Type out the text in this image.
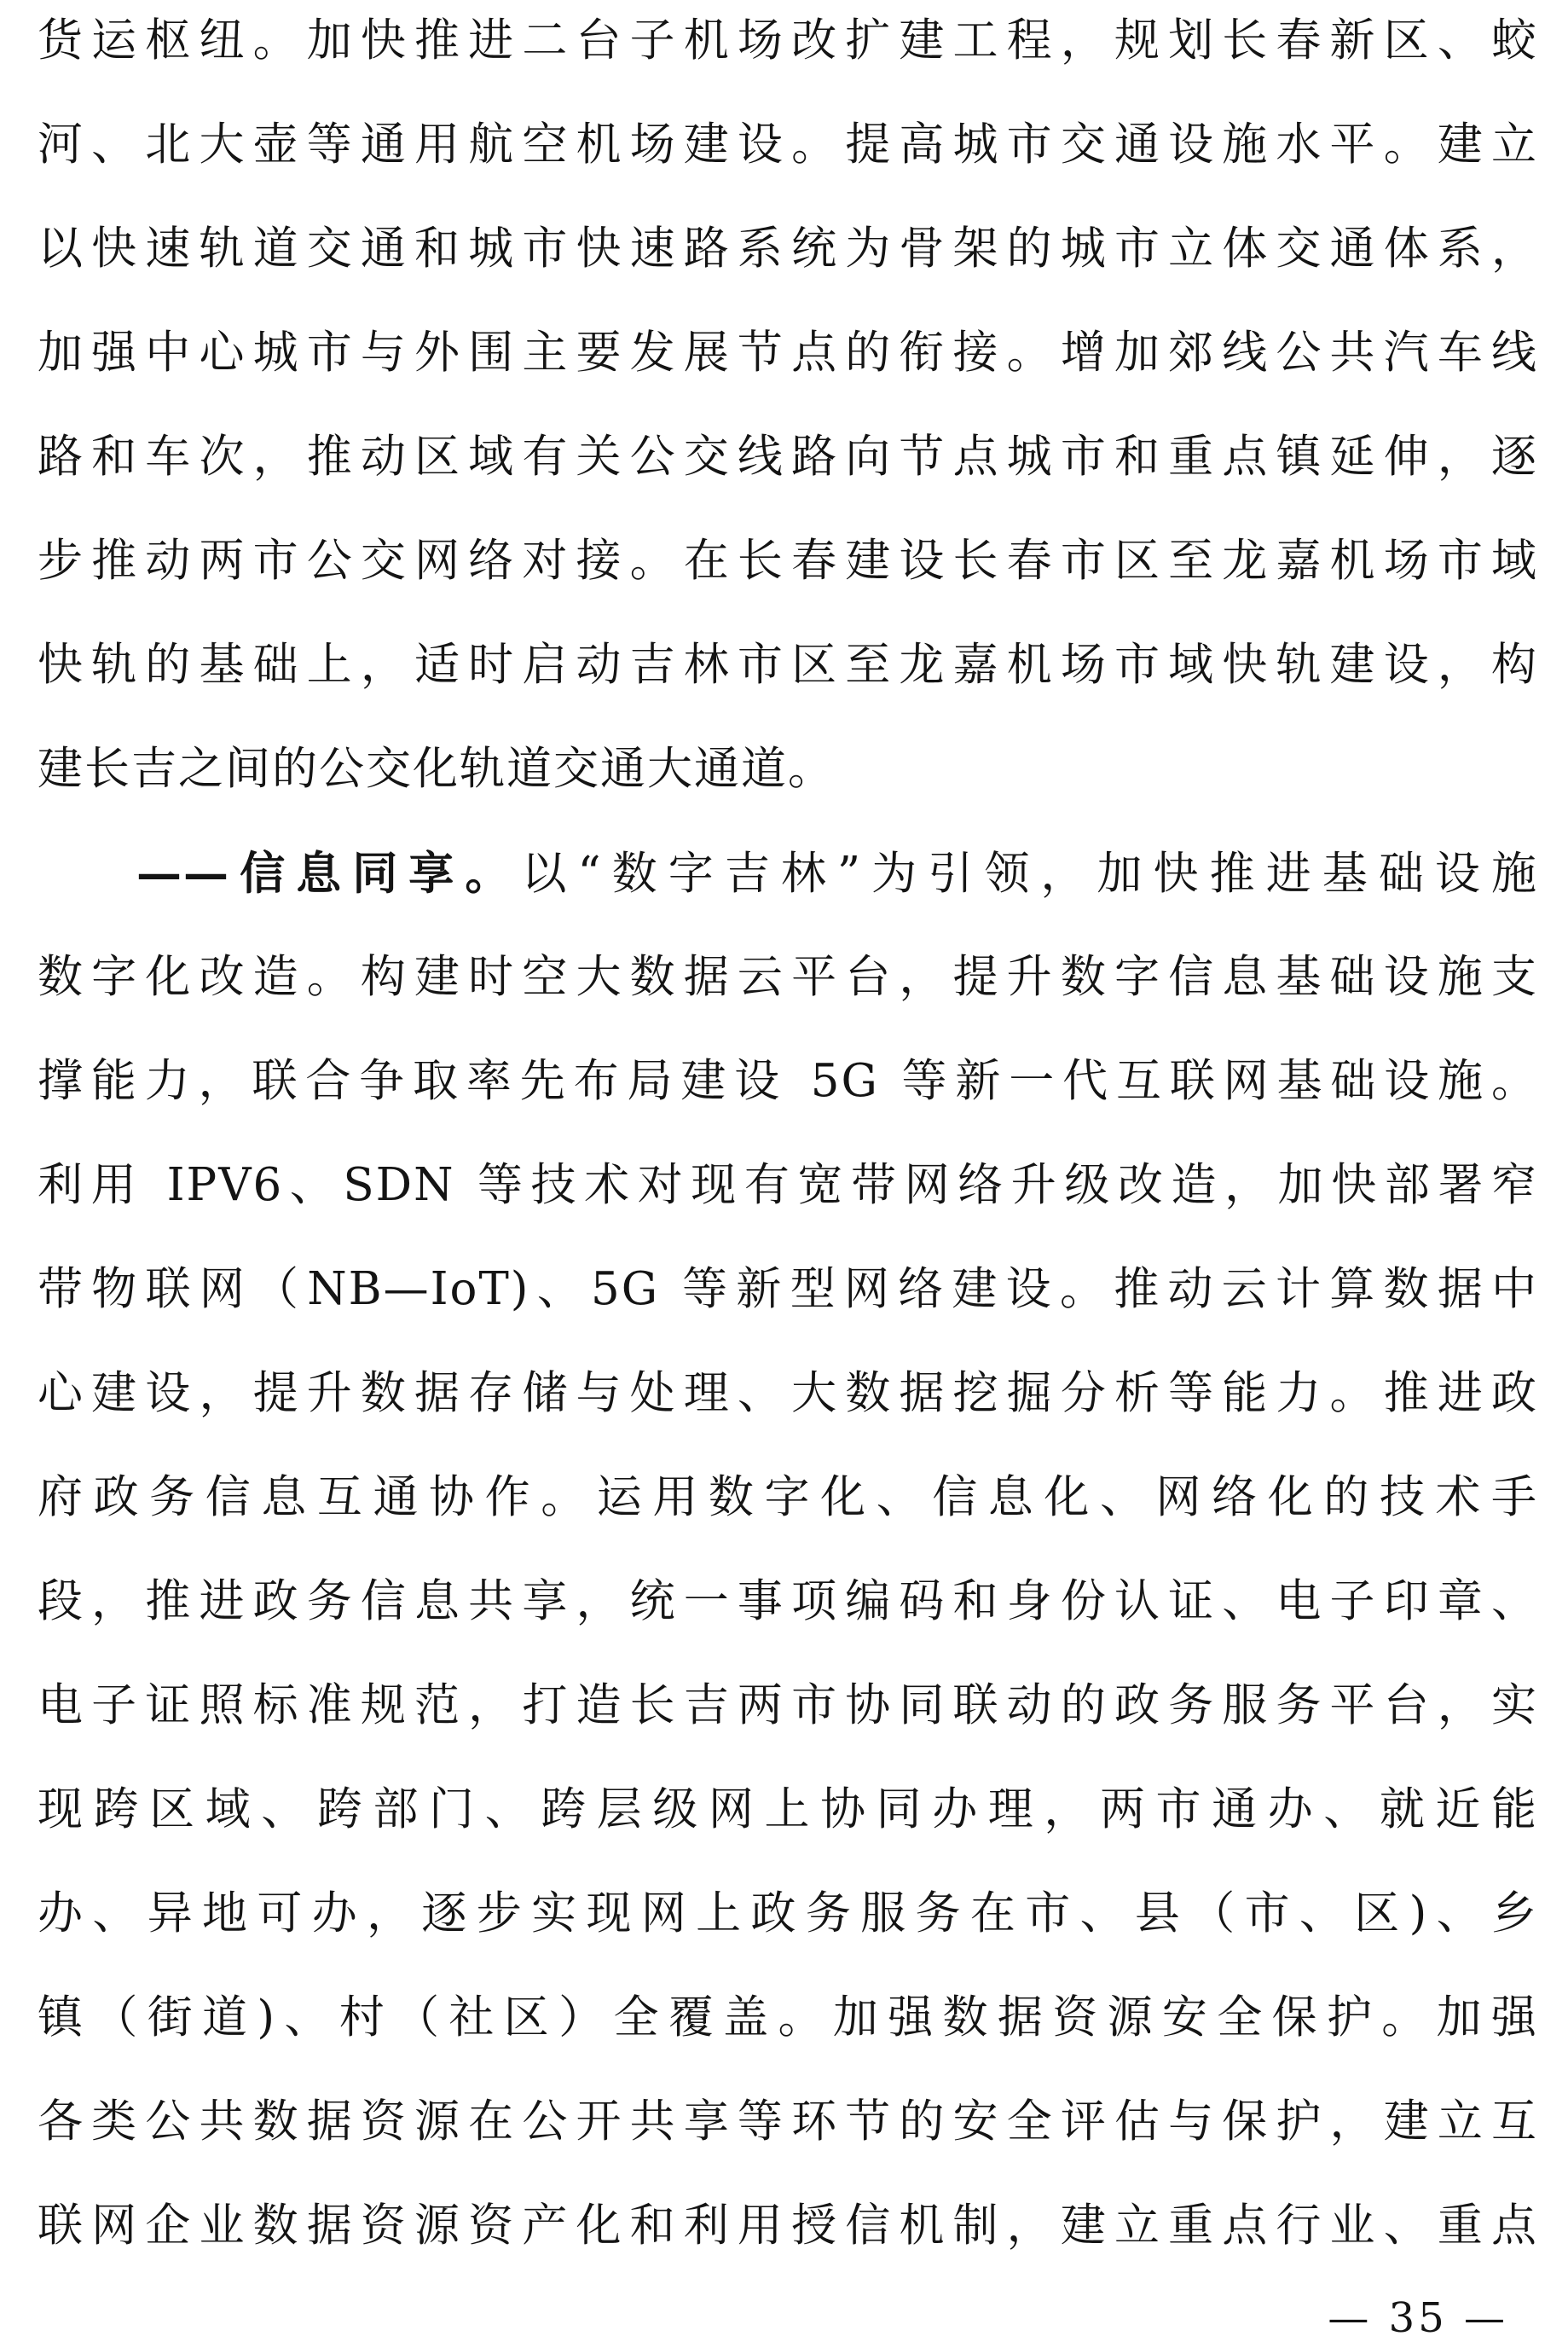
货运枢纽。加快推进二台子机场改扩建工程，规划长春新区、蛟
河、北大壶等通用航空机场建设。提高城市交通设施水平。建立
以快速轨道交通和城市快速路系统为骨架的城市立体交通体系，
加强中心城市与外围主要发展节点的衔接。增加郊线公共汽车线
路和车次，推动区域有关公交线路向节点城市和重点镇延伸，逐
步推动两市公交网络对接。在长春建设长春市区至龙嘉机场市域
快轨的基础上，适时启动吉林市区至龙嘉机场市域快轨建设，构
建长吉之间的公交化轨道交通大通道。
——信息同享。以“数字吉林”为引领，加快推进基础设施
数字化改造。构建时空大数据云平台，提升数字信息基础设施支
撑能力，联合争取率先布局建设 5G 等新一代互联网基础设施。
利用 IPV6、SDN 等技术对现有宽带网络升级改造，加快部署窄
带物联网（NB—IoT)、5G 等新型网络建设。推动云计算数据中
心建设，提升数据存储与处理、大数据挖掘分析等能力。推进政
府政务信息互通协作。运用数字化、信息化、网络化的技术手
段，推进政务信息共享，统一事项编码和身份认证、电子印章、
电子证照标准规范，打造长吉两市协同联动的政务服务平台，实
现跨区域、跨部门、跨层级网上协同办理，两市通办、就近能
办、异地可办，逐步实现网上政务服务在市、县（市、区)、乡
镇（街道)、村（社区）全覆盖。加强数据资源安全保护。加强
各类公共数据资源在公开共享等环节的安全评估与保护，建立互
联网企业数据资源资产化和利用授信机制，建立重点行业、重点
— 35 —
